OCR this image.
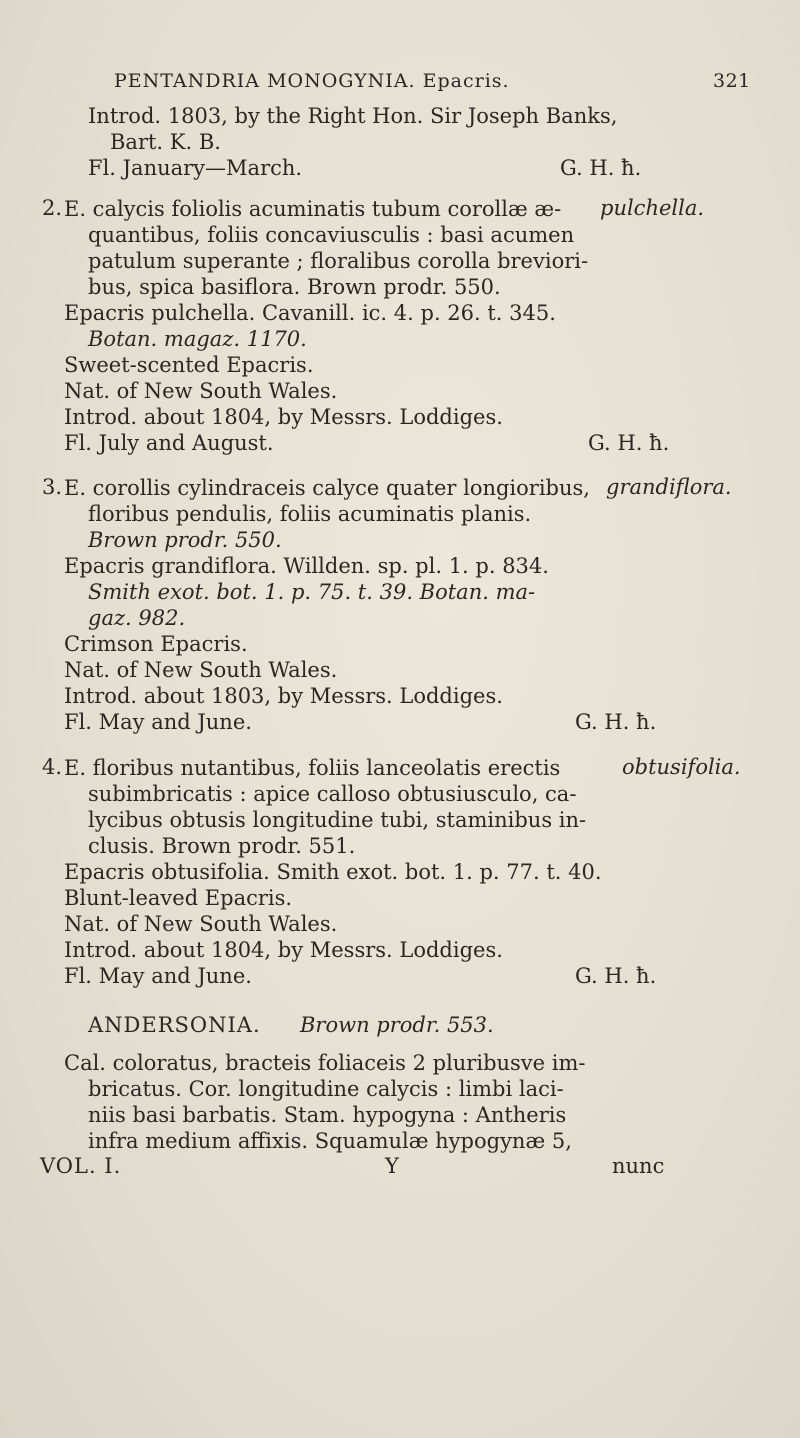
PENTANDRIA MONOGYNIA. Epacris.	321
Introd. 1803, by the Right Hon. Sir Joseph Banks,
Bart. K. B.
Fl. January—March.	G. H. ħ.
2. E. calycis foliolis acuminatis tubum corollæ æ- pulchella.
quantibus, foliis concaviusculis : basi acumen
patulum superante ; floralibus corolla breviori-
bus, spica basiflora. Brown prodr. 550.
Epacris pulchella. Cavanill. ic. 4. p. 26. t. 345.
Botan. magaz. 1170.
Sweet-scented Epacris.
Nat. of New South Wales.
Introd. about 1804, by Messrs. Loddiges.
Fl. July and August.	G. H. ħ.
3. E. corollis cylindraceis calyce quater longioribus, grandiflora.
floribus pendulis, foliis acuminatis planis.
Brown prodr. 550.
Epacris grandiflora. Willden. sp. pl. 1. p. 834.
Smith exot. bot. 1. p. 75. t. 39. Botan. ma-
gaz. 982.
Crimson Epacris.
Nat. of New South Wales.
Introd. about 1803, by Messrs. Loddiges.
Fl. May and June.	G. H. ħ.
4. E. floribus nutantibus, foliis lanceolatis erectis	obtusifolia.
subimbricatis : apice calloso obtusiusculo, ca-
lycibus obtusis longitudine tubi, staminibus in-
clusis. Brown prodr. 551.
Epacris obtusifolia. Smith exot. bot. 1. p. 77. t. 40.
Blunt-leaved Epacris.
Nat. of New South Wales.
Introd. about 1804, by Messrs. Loddiges.
Fl. May and June.	G. H. ħ.
ANDERSONIA. Brown prodr. 553.
Cal. coloratus, bracteis foliaceis 2 pluribusve im-
bricatus. Cor. longitudine calycis : limbi laci-
niis basi barbatis. Stam. hypogyna : Antheris
infra medium affixis. Squamulæ hypogynæ 5,
VOL. I.	Y	nunc
